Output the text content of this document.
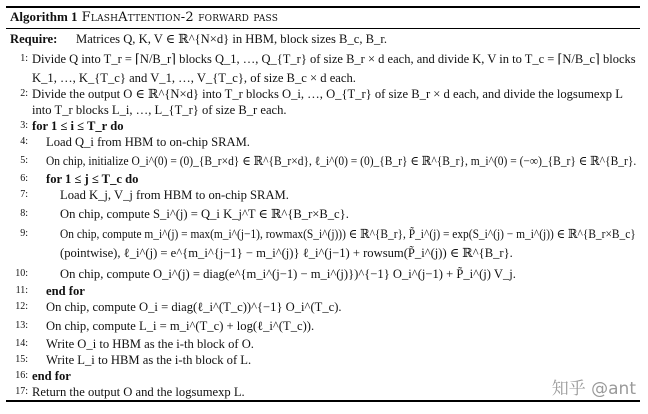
Algorithm 1 FlashAttention-2 forward pass
Require: Matrices Q, K, V ∈ ℝ^{N×d} in HBM, block sizes B_c, B_r.
1: Divide Q into T_r = ⌈N/B_r⌉ blocks Q_1, …, Q_{T_r} of size B_r × d each, and divide K, V in to T_c = ⌈N/B_c⌉ blocks
K_1, …, K_{T_c} and V_1, …, V_{T_c}, of size B_c × d each.
2: Divide the output O ∈ ℝ^{N×d} into T_r blocks O_i, …, O_{T_r} of size B_r × d each, and divide the logsumexp L
into T_r blocks L_i, …, L_{T_r} of size B_r each.
3: for 1 ≤ i ≤ T_r do
4: Load Q_i from HBM to on-chip SRAM.
5: On chip, initialize O_i^(0) = (0)_{B_r×d} ∈ ℝ^{B_r×d}, ℓ_i^(0) = (0)_{B_r} ∈ ℝ^{B_r}, m_i^(0) = (−∞)_{B_r} ∈ ℝ^{B_r}.
6: for 1 ≤ j ≤ T_c do
7:	Load K_j, V_j from HBM to on-chip SRAM.
8:	On chip, compute S_i^(j) = Q_i K_j^T ∈ ℝ^{B_r×B_c}.
9:	On chip, compute m_i^(j) = max(m_i^(j−1), rowmax(S_i^(j))) ∈ ℝ^{B_r}, P̃_i^(j) = exp(S_i^(j) − m_i^(j)) ∈ ℝ^{B_r×B_c}
(pointwise), ℓ_i^(j) = e^{m_i^{j−1} − m_i^(j)} ℓ_i^(j−1) + rowsum(P̃_i^(j)) ∈ ℝ^{B_r}.
10:	On chip, compute O_i^(j) = diag(e^{m_i^(j−1) − m_i^(j)})^{−1} O_i^(j−1) + P̃_i^(j) V_j.
11: end for
12: On chip, compute O_i = diag(ℓ_i^(T_c))^{−1} O_i^(T_c).
13: On chip, compute L_i = m_i^(T_c) + log(ℓ_i^(T_c)).
14: Write O_i to HBM as the i-th block of O.
15: Write L_i to HBM as the i-th block of L.
16: end for
17: Return the output O and the logsumexp L.	知乎 @ant
